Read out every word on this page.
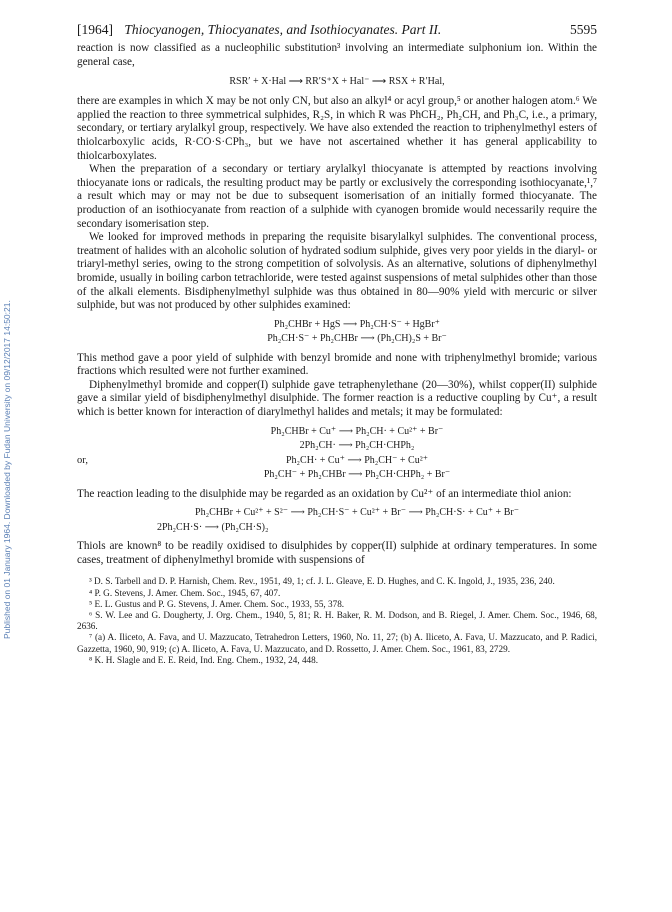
Published on 01 January 1964. Downloaded by Fudan University on 09/12/2017 14:50:21.
[1964] Thiocyanogen, Thiocyanates, and Isothiocyanates. Part II.	5595

reaction is now classified as a nucleophilic substitution³ involving an intermediate sulphonium ion. Within the general case,

RSR′ + X·Hal ⟶ RR′S⁺X + Hal⁻ ⟶ RSX + R′Hal,

there are examples in which X may be not only CN, but also an alkyl⁴ or acyl group,⁵ or another halogen atom.⁶ We applied the reaction to three symmetrical sulphides, R₂S, in which R was PhCH₂, Ph₂CH, and Ph₃C, i.e., a primary, secondary, or tertiary arylalkyl group, respectively. We have also extended the reaction to triphenylmethyl esters of thiolcarboxylic acids, R·CO·S·CPh₃, but we have not ascertained whether it has general applicability to thiolcarboxylates.

When the preparation of a secondary or tertiary arylalkyl thiocyanate is attempted by reactions involving thiocyanate ions or radicals, the resulting product may be partly or exclusively the corresponding isothiocyanate,¹,⁷ a result which may or may not be due to subsequent isomerisation of an initially formed thiocyanate. The production of an isothiocyanate from reaction of a sulphide with cyanogen bromide would necessarily require the secondary isomerisation step.

We looked for improved methods in preparing the requisite bisarylalkyl sulphides. The conventional process, treatment of halides with an alcoholic solution of hydrated sodium sulphide, gives very poor yields in the diaryl- or triaryl-methyl series, owing to the strong competition of solvolysis. As an alternative, solutions of diphenylmethyl bromide, usually in boiling carbon tetrachloride, were tested against suspensions of metal sulphides other than those of the alkali elements. Bisdiphenylmethyl sulphide was thus obtained in 80—90% yield with mercuric or silver sulphide, but was not produced by other sulphides examined:

Ph₂CHBr + HgS ⟶ Ph₂CH·S⁻ + HgBr⁺
Ph₂CH·S⁻ + Ph₂CHBr ⟶ (Ph₂CH)₂S + Br⁻

This method gave a poor yield of sulphide with benzyl bromide and none with triphenylmethyl bromide; various fractions which resulted were not further examined.

Diphenylmethyl bromide and copper(I) sulphide gave tetraphenylethane (20—30%), whilst copper(II) sulphide gave a similar yield of bisdiphenylmethyl disulphide. The former reaction is a reductive coupling by Cu⁺, a result which is better known for interaction of diarylmethyl halides and metals; it may be formulated:

Ph₂CHBr + Cu⁺ ⟶ Ph₂CH· + Cu²⁺ + Br⁻
2Ph₂CH· ⟶ Ph₂CH·CHPh₂
or,	Ph₂CH· + Cu⁺ ⟶ Ph₂CH⁻ + Cu²⁺
Ph₂CH⁻ + Ph₂CHBr ⟶ Ph₂CH·CHPh₂ + Br⁻

The reaction leading to the disulphide may be regarded as an oxidation by Cu²⁺ of an intermediate thiol anion:

Ph₂CHBr + Cu²⁺ + S²⁻ ⟶ Ph₂CH·S⁻ + Cu²⁺ + Br⁻ ⟶ Ph₂CH·S· + Cu⁺ + Br⁻
2Ph₂CH·S· ⟶ (Ph₂CH·S)₂

Thiols are known⁸ to be readily oxidised to disulphides by copper(II) sulphide at ordinary temperatures. In some cases, treatment of diphenylmethyl bromide with suspensions of

³ D. S. Tarbell and D. P. Harnish, Chem. Rev., 1951, 49, 1; cf. J. L. Gleave, E. D. Hughes, and C. K. Ingold, J., 1935, 236, 240.
⁴ P. G. Stevens, J. Amer. Chem. Soc., 1945, 67, 407.
⁵ E. L. Gustus and P. G. Stevens, J. Amer. Chem. Soc., 1933, 55, 378.
⁶ S. W. Lee and G. Dougherty, J. Org. Chem., 1940, 5, 81; R. H. Baker, R. M. Dodson, and B. Riegel, J. Amer. Chem. Soc., 1946, 68, 2636.
⁷ (a) A. Iliceto, A. Fava, and U. Mazzucato, Tetrahedron Letters, 1960, No. 11, 27; (b) A. Iliceto, A. Fava, U. Mazzucato, and P. Radici, Gazzetta, 1960, 90, 919; (c) A. Iliceto, A. Fava, U. Mazzucato, and D. Rossetto, J. Amer. Chem. Soc., 1961, 83, 2729.
⁸ K. H. Slagle and E. E. Reid, Ind. Eng. Chem., 1932, 24, 448.
